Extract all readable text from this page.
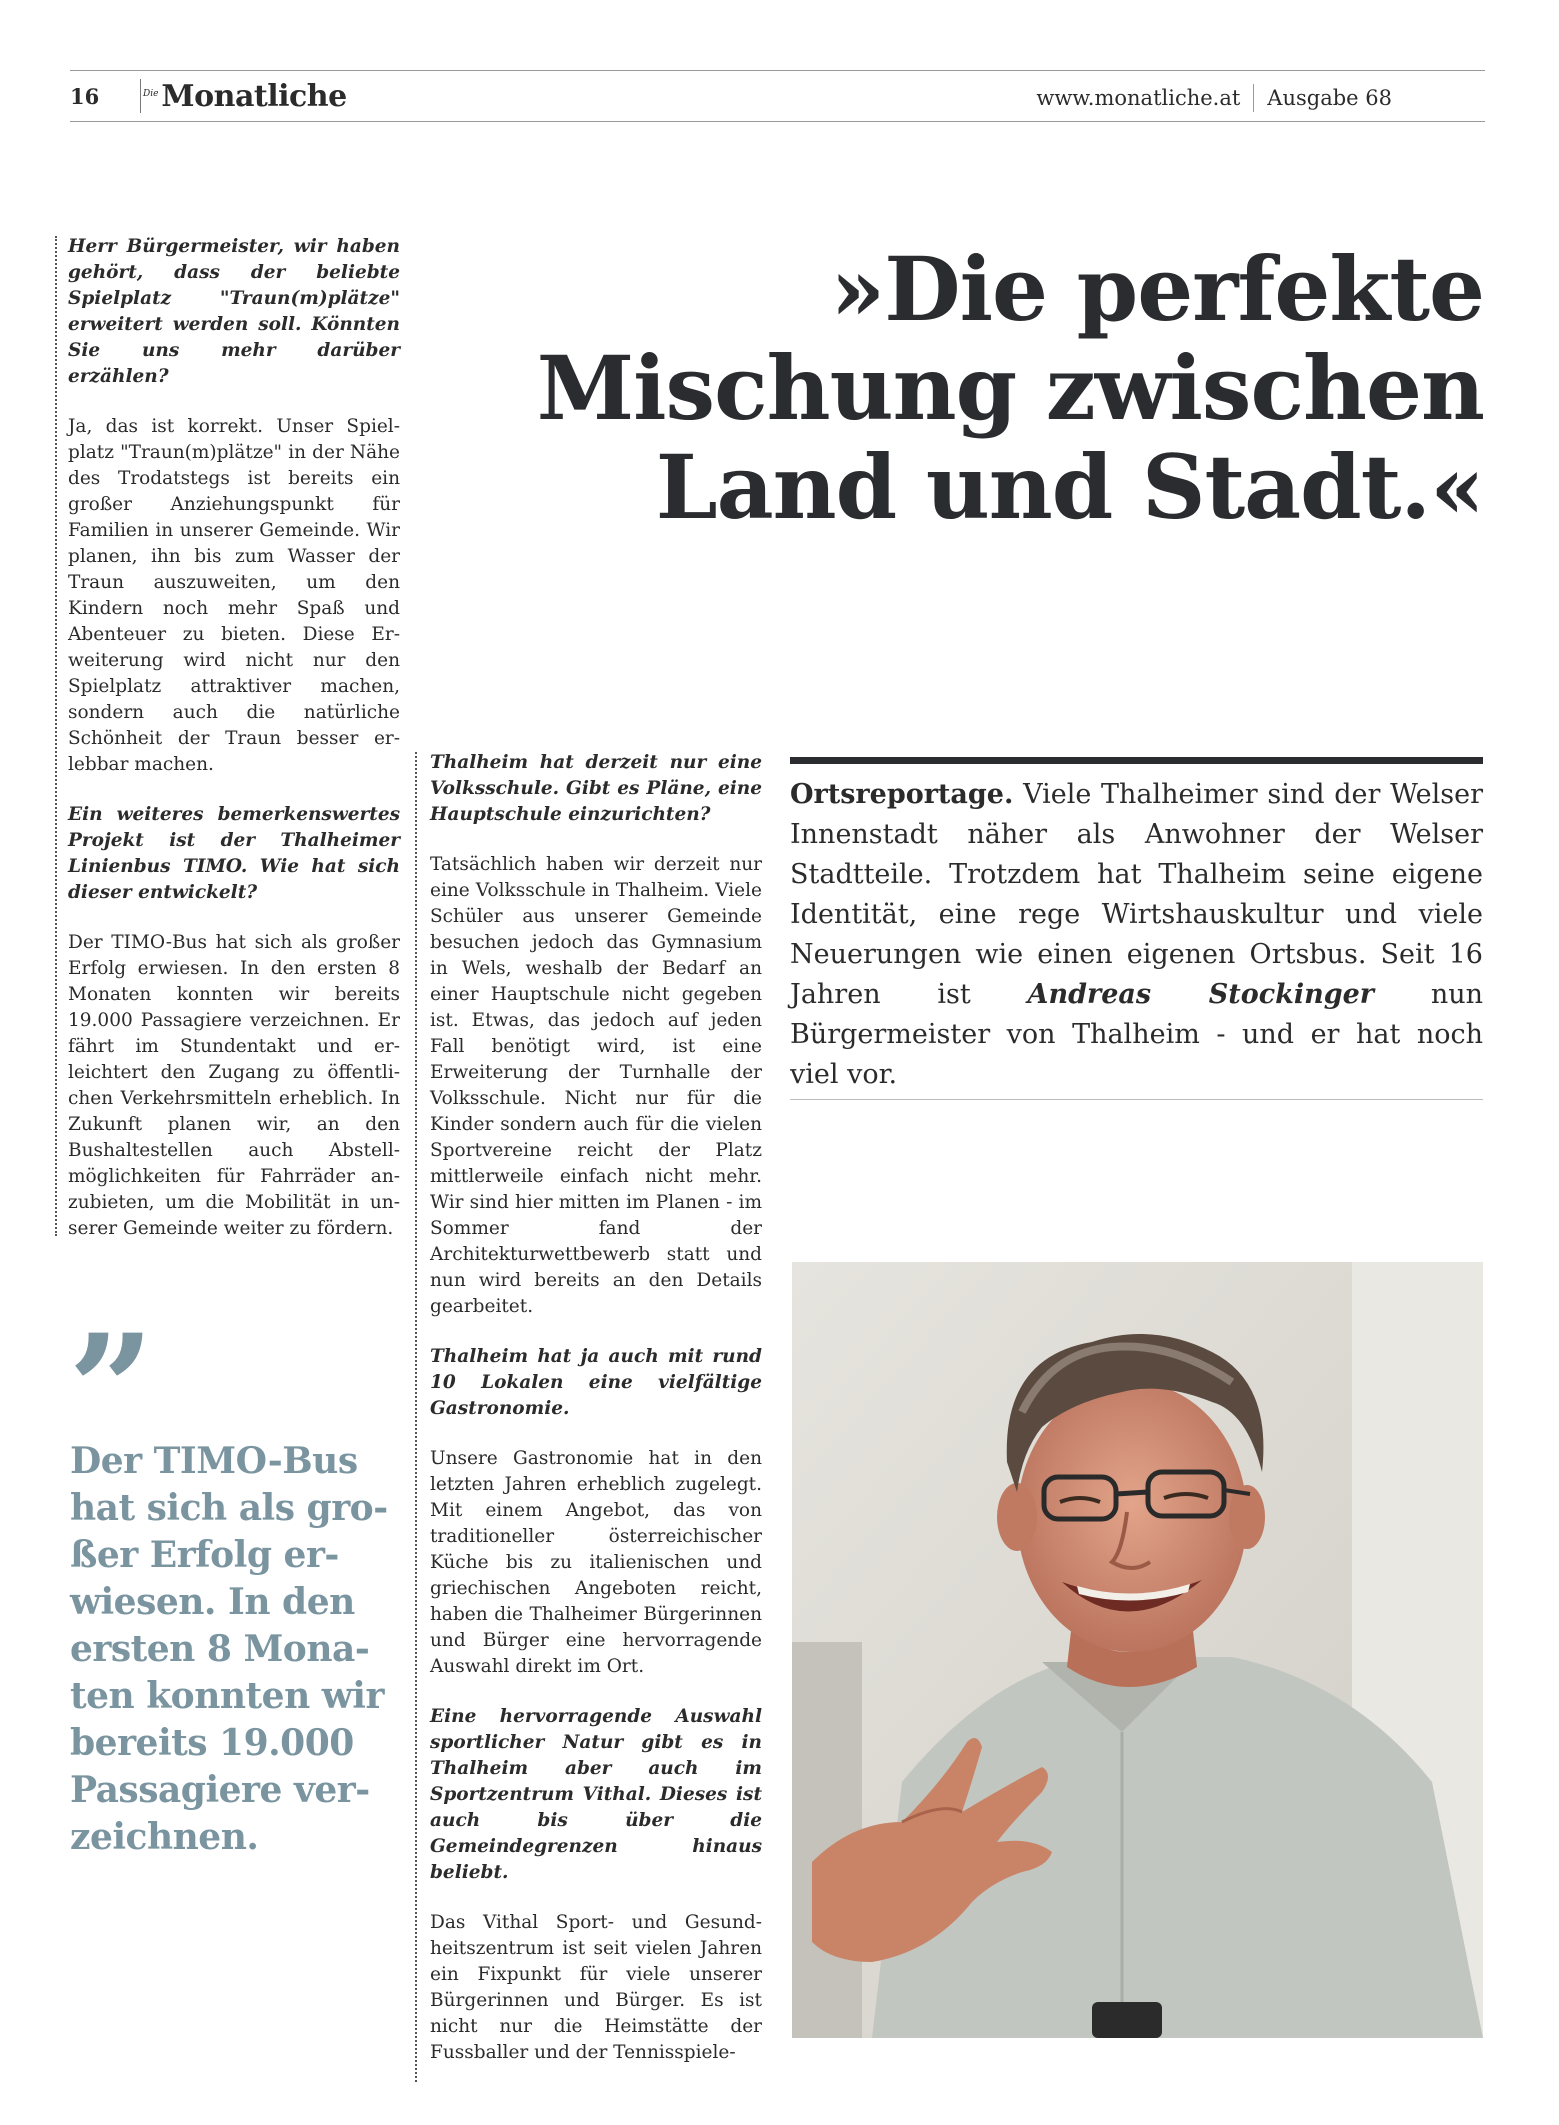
16	Die Monatliche	www.monatliche.at Ausgabe 68
»Die perfekte
Mischung zwischen
Land und Stadt.«

Herr Bürgermeister, wir haben gehört, dass der beliebte Spielplatz "Traun(m)plätze" erweitert werden soll. Könnten Sie uns mehr darüber erzählen?

Ja, das ist korrekt. Unser Spielplatz "Traun(m)plätze" in der Nähe des Trodatstegs ist bereits ein großer Anziehungspunkt für Familien in unserer Gemeinde. Wir planen, ihn bis zum Wasser der Traun auszuweiten, um den Kindern noch mehr Spaß und Abenteuer zu bieten. Diese Erweiterung wird nicht nur den Spielplatz attraktiver machen, sondern auch die natürliche Schönheit der Traun besser erlebbar machen.

Ein weiteres bemerkenswertes Projekt ist der Thalheimer Linienbus TIMO. Wie hat sich dieser entwickelt?

Der TIMO-Bus hat sich als großer Erfolg erwiesen. In den ersten 8 Monaten konnten wir bereits 19.000 Passagiere verzeichnen. Er fährt im Stundentakt und erleichtert den Zugang zu öffentlichen Verkehrsmitteln erheblich. In Zukunft planen wir, an den Bushaltestellen auch Abstellmöglichkeiten für Fahrräder anzubieten, um die Mobilität in unserer Gemeinde weiter zu fördern.

”
Der TIMO-Bus hat sich als großer Erfolg erwiesen. In den ersten 8 Monaten konnten wir bereits 19.000 Passagiere verzeichnen.

Thalheim hat derzeit nur eine Volksschule. Gibt es Pläne, eine Hauptschule einzurichten?

Tatsächlich haben wir derzeit nur eine Volksschule in Thalheim. Viele Schüler aus unserer Gemeinde besuchen jedoch das Gymnasium in Wels, weshalb der Bedarf an einer Hauptschule nicht gegeben ist. Etwas, das jedoch auf jeden Fall benötigt wird, ist eine Erweiterung der Turnhalle der Volksschule. Nicht nur für die Kinder sondern auch für die vielen Sportvereine reicht der Platz mittlerweile einfach nicht mehr. Wir sind hier mitten im Planen - im Sommer fand der Architekturwettbewerb statt und nun wird bereits an den Details gearbeitet.

Thalheim hat ja auch mit rund 10 Lokalen eine vielfältige Gastronomie.

Unsere Gastronomie hat in den letzten Jahren erheblich zugelegt. Mit einem Angebot, das von traditioneller österreichischer Küche bis zu italienischen und griechischen Angeboten reicht, haben die Thalheimer Bürgerinnen und Bürger eine hervorragende Auswahl direkt im Ort.

Eine hervorragende Auswahl sportlicher Natur gibt es in Thalheim aber auch im Sportzentrum Vithal. Dieses ist auch bis über die Gemeindegrenzen hinaus beliebt.

Das Vithal Sport- und Gesundheitszentrum ist seit vielen Jahren ein Fixpunkt für viele unserer Bürgerinnen und Bürger. Es ist nicht nur die Heimstätte der Fussballer und der Tennisspiele-

Ortsreportage. Viele Thalheimer sind der Welser Innenstadt näher als Anwohner der Welser Stadtteile. Trotzdem hat Thalheim seine eigene Identität, eine rege Wirtshauskultur und viele Neuerungen wie einen eigenen Ortsbus. Seit 16 Jahren ist Andreas Stockinger nun Bürgermeister von Thalheim - und er hat noch viel vor.
